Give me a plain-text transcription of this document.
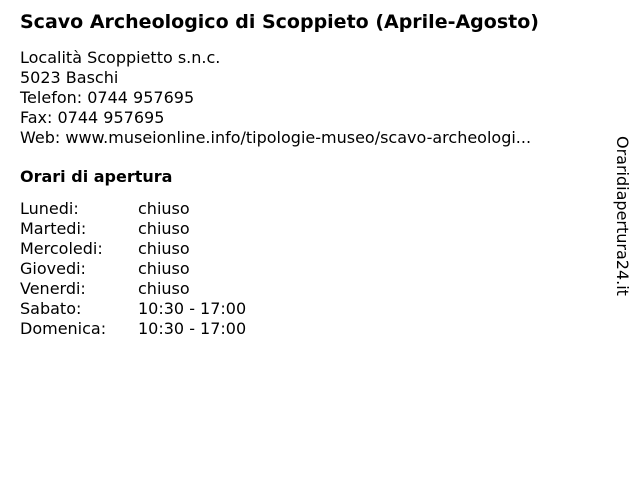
Scavo Archeologico di Scoppieto (Aprile-Agosto)
Località Scoppietto s.n.c.
5023 Baschi
Telefon: 0744 957695
Fax: 0744 957695
Web: www.museionline.info/tipologie-museo/scavo-archeologi...
Orari di apertura
Lunedi:	chiuso
Martedi:	chiuso
Mercoledi:	chiuso
Giovedi:	chiuso
Venerdi:	chiuso
Sabato:	10:30 - 17:00
Domenica:	10:30 - 17:00
Oraridiapertura24.it
